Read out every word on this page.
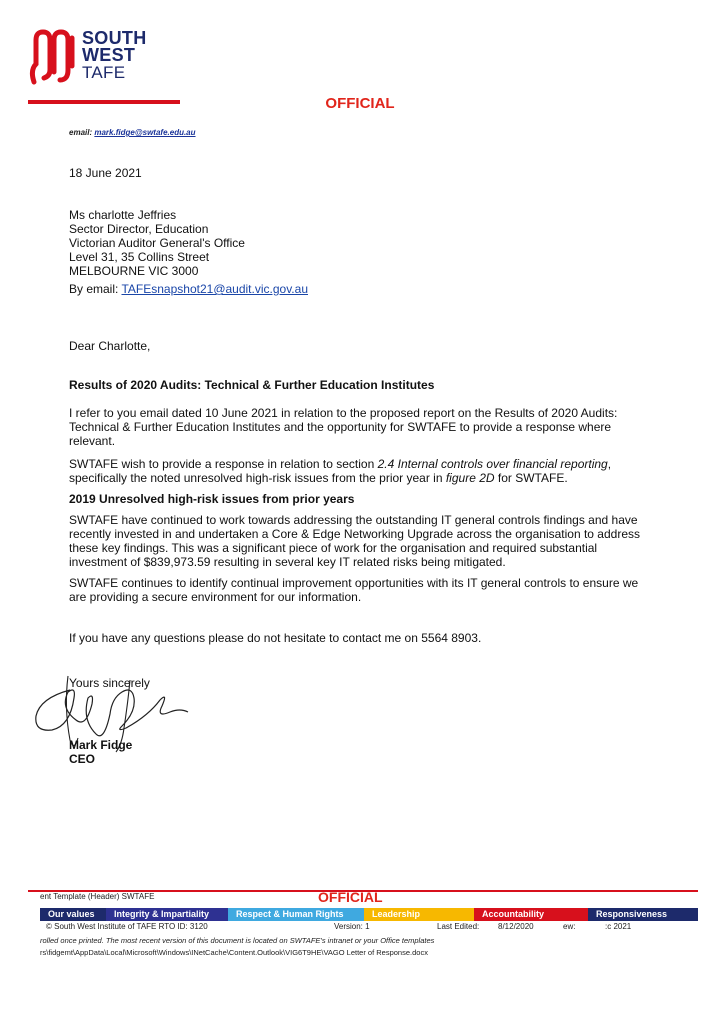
SOUTH
WEST
TAFE
OFFICIAL
email: mark.fidge@swtafe.edu.au
18 June 2021
Ms charlotte Jeffries
Sector Director, Education
Victorian Auditor General's Office
Level 31, 35 Collins Street
MELBOURNE VIC 3000
By email: TAFEsnapshot21@audit.vic.gov.au
Dear Charlotte,
Results of 2020 Audits: Technical & Further Education Institutes
I refer to you email dated 10 June 2021 in relation to the proposed report on the Results of 2020 Audits: Technical & Further Education Institutes and the opportunity for SWTAFE to provide a response where relevant.
SWTAFE wish to provide a response in relation to section 2.4 Internal controls over financial reporting, specifically the noted unresolved high-risk issues from the prior year in figure 2D for SWTAFE.
2019 Unresolved high-risk issues from prior years
SWTAFE have continued to work towards addressing the outstanding IT general controls findings and have recently invested in and undertaken a Core & Edge Networking Upgrade across the organisation to address these key findings. This was a significant piece of work for the organisation and required substantial investment of $839,973.59 resulting in several key IT related risks being mitigated.
SWTAFE continues to identify continual improvement opportunities with its IT general controls to ensure we are providing a secure environment for our information.
If you have any questions please do not hesitate to contact me on 5564 8903.
Yours sincerely
Mark Fidge
CEO
ent Template (Header) SWTAFE	OFFICIAL
Our values	Integrity & Impartiality	Respect & Human Rights	Leadership	Accountability	Responsiveness
© South West Institute of TAFE RTO ID: 3120	Version: 1	Last Edited: 8/12/2020	ew:	:c 2021
rolled once printed. The most recent version of this document is located on SWTAFE's intranet or your Office templates
rs\fidgemt\AppData\Local\Microsoft\Windows\INetCache\Content.Outlook\VIG6T9HE\VAGO Letter of Response.docx
